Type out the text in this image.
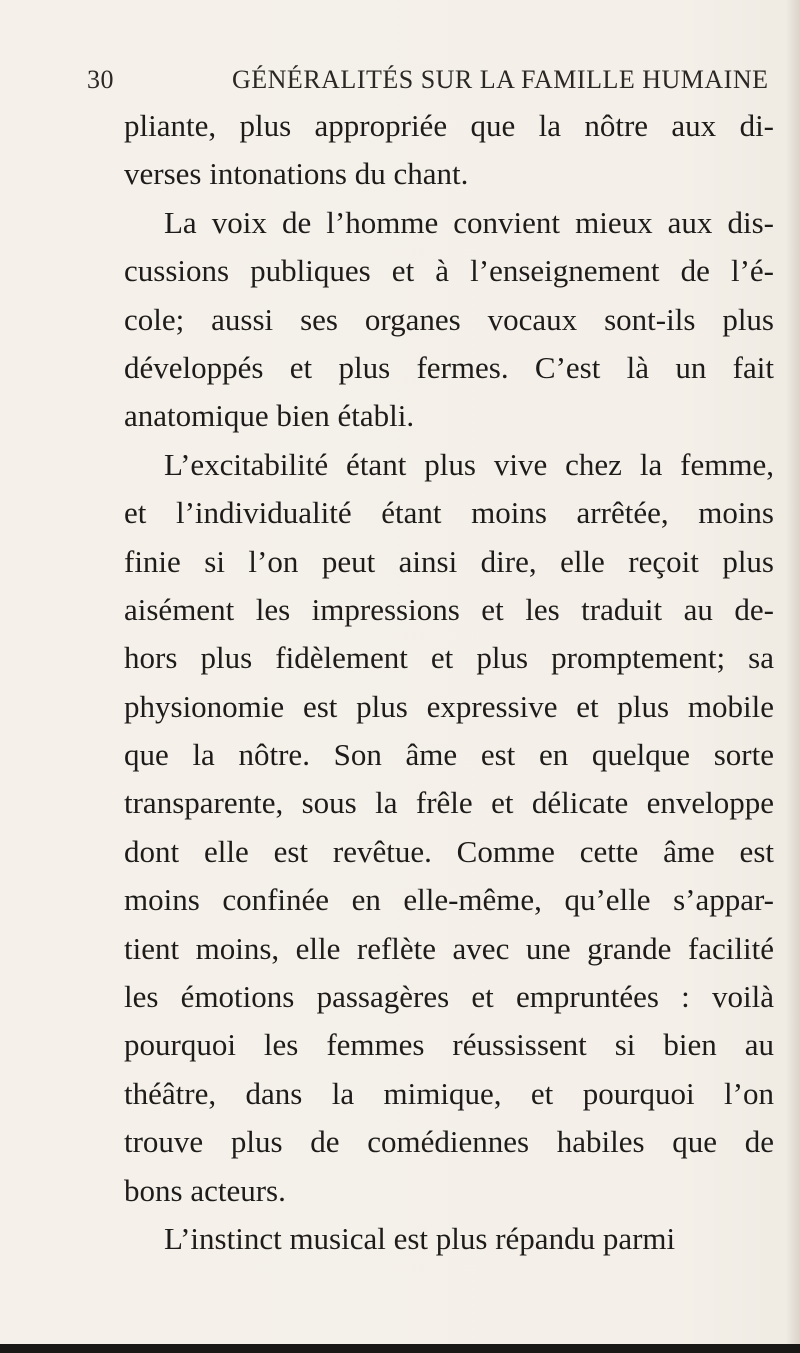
30	GÉNÉRALITÉS SUR LA FAMILLE HUMAINE
pliante, plus appropriée que la nôtre aux di-
verses intonations du chant.
La voix de l’homme convient mieux aux dis-
cussions publiques et à l’enseignement de l’é-
cole; aussi ses organes vocaux sont-ils plus
développés et plus fermes. C’est là un fait
anatomique bien établi.
L’excitabilité étant plus vive chez la femme,
et l’individualité étant moins arrêtée, moins
finie si l’on peut ainsi dire, elle reçoit plus
aisément les impressions et les traduit au de-
hors plus fidèlement et plus promptement; sa
physionomie est plus expressive et plus mobile
que la nôtre. Son âme est en quelque sorte
transparente, sous la frêle et délicate enveloppe
dont elle est revêtue. Comme cette âme est
moins confinée en elle-même, qu’elle s’appar-
tient moins, elle reflète avec une grande facilité
les émotions passagères et empruntées : voilà
pourquoi les femmes réussissent si bien au
théâtre, dans la mimique, et pourquoi l’on
trouve plus de comédiennes habiles que de
bons acteurs.
L’instinct musical est plus répandu parmi
